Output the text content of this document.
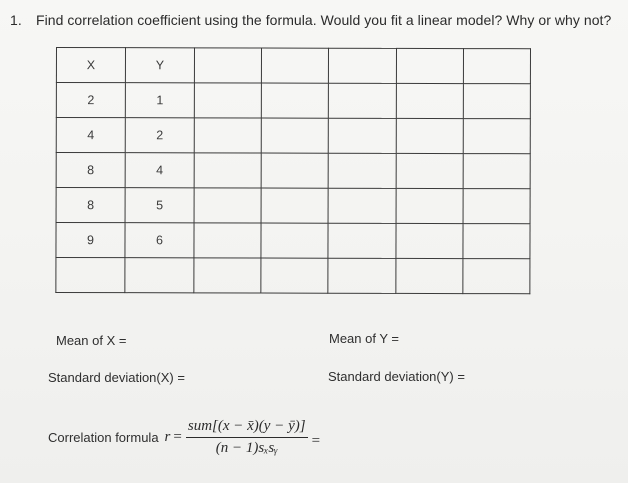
1. Find correlation coefficient using the formula. Would you fit a linear model? Why or why not?
X	Y					
2	1					
4	2					
8	4					
8	5					
9	6					

Mean of X =	Mean of Y =
Standard deviation(X) =	Standard deviation(Y) =
Correlation formula $r = \frac{\text{sum[(x − x̄)(y − ȳ)]}}{\text{(n − 1)sₓsᵧ}}$ =
